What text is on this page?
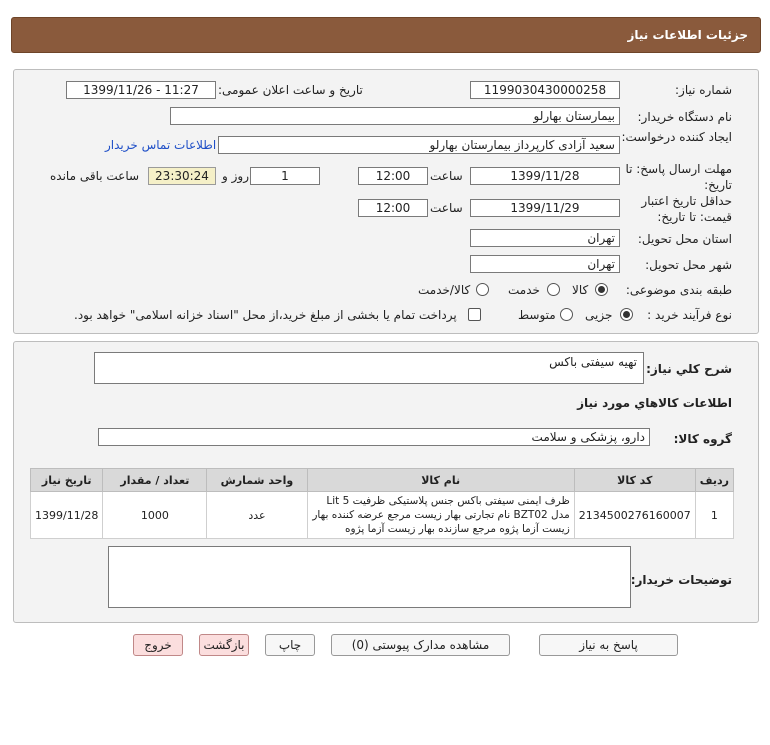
جزئیات اطلاعات نیاز
شماره نیاز:
1199030430000258
تاریخ و ساعت اعلان عمومی:
1399/11/26 - 11:27
نام دستگاه خریدار:
بیمارستان بهارلو
ایجاد کننده درخواست:
سعید آزادی کارپرداز بیمارستان بهارلو
اطلاعات تماس خریدار
مهلت ارسال پاسخ: تا تاریخ:
1399/11/28
ساعت
12:00
1
روز و
23:30:24
ساعت باقی مانده
حداقل تاریخ اعتبار قیمت: تا تاریخ:
1399/11/29
ساعت
12:00
استان محل تحویل:
تهران
شهر محل تحویل:
تهران
طبقه بندی موضوعی:
کالا
خدمت
کالا/خدمت
نوع فرآیند خرید :
جزیی
متوسط
پرداخت تمام یا بخشی از مبلغ خرید،از محل "اسناد خزانه اسلامی" خواهد بود.
شرح کلي نياز:
تهیه سیفتی باکس
اطلاعات کالاهاي مورد نياز
گروه کالا:
دارو، پزشکی و سلامت
ردیف	کد کالا	نام کالا	واحد شمارش	تعداد / مقدار	تاریخ نیاز
1	2134500276160007	ظرف ایمنی سیفتی باکس جنس پلاستیکی ظرفیت Lit 5 مدل BZT02 نام تجارتی بهار زیست مرجع عرضه کننده بهار زیست آزما پژوه مرجع سازنده بهار زیست آزما پژوه	عدد	1000	1399/11/28
توضیحات خریدار:
پاسخ به نیاز
مشاهده مدارک پیوستی (0)
چاپ
بازگشت
خروج
